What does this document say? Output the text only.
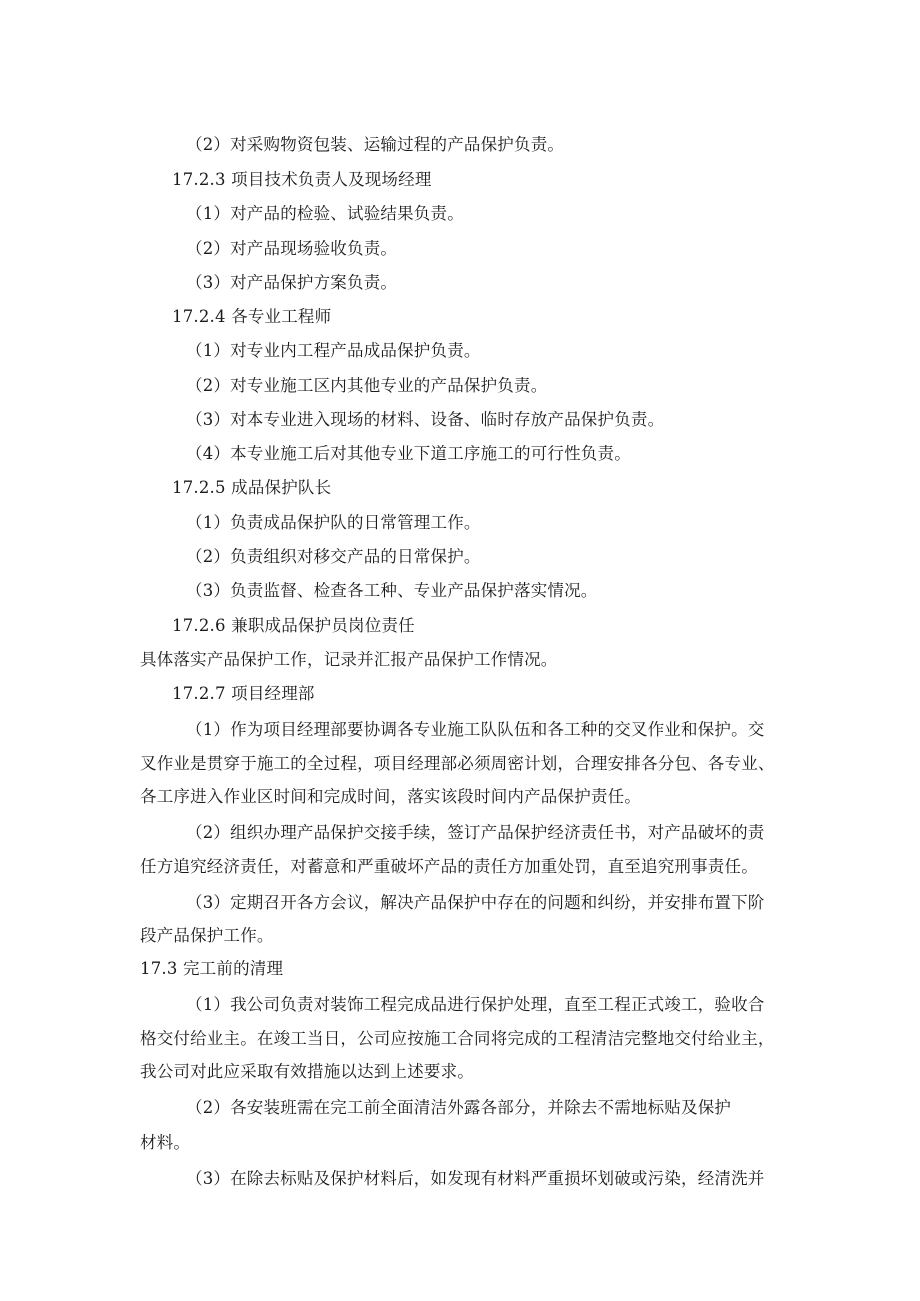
（2）对采购物资包装、运输过程的产品保护负责。

17.2.3 项目技术负责人及现场经理

（1）对产品的检验、试验结果负责。

（2）对产品现场验收负责。

（3）对产品保护方案负责。

17.2.4 各专业工程师

（1）对专业内工程产品成品保护负责。

（2）对专业施工区内其他专业的产品保护负责。

（3）对本专业进入现场的材料、设备、临时存放产品保护负责。

（4）本专业施工后对其他专业下道工序施工的可行性负责。

17.2.5 成品保护队长

（1）负责成品保护队的日常管理工作。

（2）负责组织对移交产品的日常保护。

（3）负责监督、检查各工种、专业产品保护落实情况。

17.2.6 兼职成品保护员岗位责任

具体落实产品保护工作，记录并汇报产品保护工作情况。

17.2.7 项目经理部

（1）作为项目经理部要协调各专业施工队队伍和各工种的交叉作业和保护。交

叉作业是贯穿于施工的全过程，项目经理部必须周密计划，合理安排各分包、各专业、

各工序进入作业区时间和完成时间，落实该段时间内产品保护责任。

（2）组织办理产品保护交接手续，签订产品保护经济责任书，对产品破坏的责

任方追究经济责任，对蓄意和严重破坏产品的责任方加重处罚，直至追究刑事责任。

（3）定期召开各方会议，解决产品保护中存在的问题和纠纷，并安排布置下阶

段产品保护工作。

17.3 完工前的清理

（1）我公司负责对装饰工程完成品进行保护处理，直至工程正式竣工，验收合

格交付给业主。在竣工当日，公司应按施工合同将完成的工程清洁完整地交付给业主，

我公司对此应采取有效措施以达到上述要求。

（2）各安装班需在完工前全面清洁外露各部分，并除去不需地标贴及保护

材料。

（3）在除去标贴及保护材料后，如发现有材料严重损坏划破或污染，经清洗并
